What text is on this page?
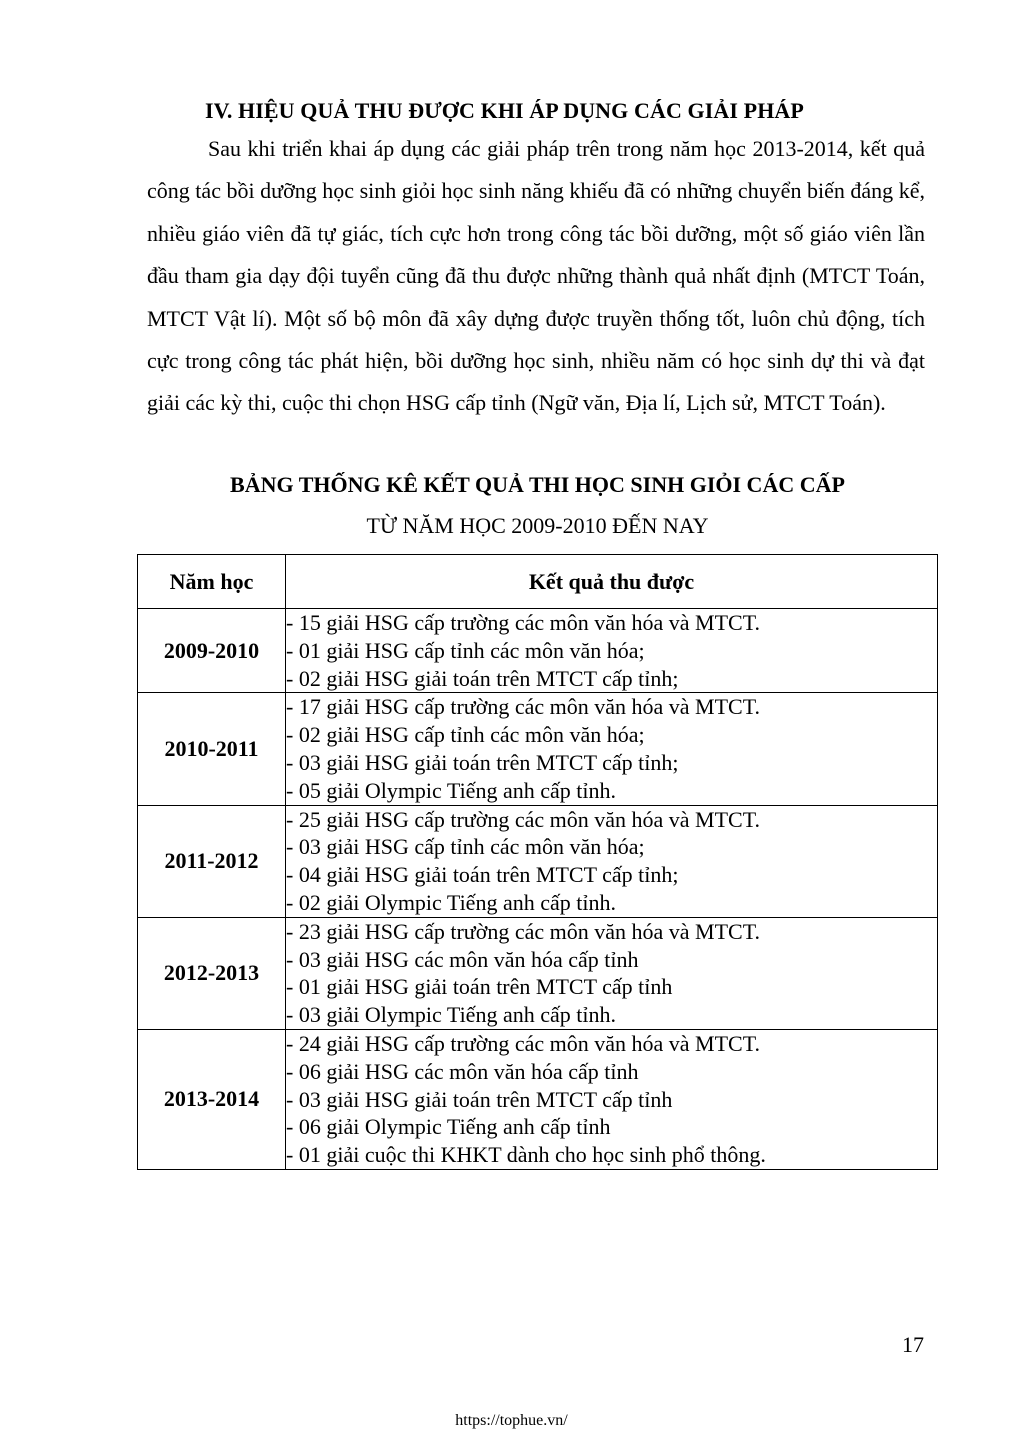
IV. HIỆU QUẢ THU ĐƯỢC KHI ÁP DỤNG CÁC GIẢI PHÁP

Sau khi triển khai áp dụng các giải pháp trên trong năm học 2013-2014, kết quả công tác bồi dưỡng học sinh giỏi học sinh năng khiếu đã có những chuyển biến đáng kể, nhiều giáo viên đã tự giác, tích cực hơn trong công tác bồi dưỡng, một số giáo viên lần đầu tham gia dạy đội tuyển cũng đã thu được những thành quả nhất định (MTCT Toán, MTCT Vật lí). Một số bộ môn đã xây dựng được truyền thống tốt, luôn chủ động, tích cực trong công tác phát hiện, bồi dưỡng học sinh, nhiều năm có học sinh dự thi và đạt giải các kỳ thi, cuộc thi chọn HSG cấp tỉnh (Ngữ văn, Địa lí, Lịch sử, MTCT Toán).

BẢNG THỐNG KÊ KẾT QUẢ THI HỌC SINH GIỎI CÁC CẤP
TỪ NĂM HỌC 2009-2010 ĐẾN NAY
Năm học	Kết quả thu được
2009-2010	- 15 giải HSG cấp trường các môn văn hóa và MTCT.
- 01 giải HSG cấp tỉnh các môn văn hóa;
- 02 giải HSG giải toán trên MTCT cấp tỉnh;

2010-2011	- 17 giải HSG cấp trường các môn văn hóa và MTCT.
- 02 giải HSG cấp tỉnh các môn văn hóa;
- 03 giải HSG giải toán trên MTCT cấp tỉnh;
- 05 giải Olympic Tiếng anh cấp tỉnh.

2011-2012	- 25 giải HSG cấp trường các môn văn hóa và MTCT.
- 03 giải HSG cấp tỉnh các môn văn hóa;
- 04 giải HSG giải toán trên MTCT cấp tỉnh;
- 02 giải Olympic Tiếng anh cấp tỉnh.

2012-2013	- 23 giải HSG cấp trường các môn văn hóa và MTCT.
- 03 giải HSG các môn văn hóa cấp tỉnh
- 01 giải HSG giải toán trên MTCT cấp tỉnh
- 03 giải Olympic Tiếng anh cấp tỉnh.

2013-2014	- 24 giải HSG cấp trường các môn văn hóa và MTCT.
- 06 giải HSG các môn văn hóa cấp tỉnh
- 03 giải HSG giải toán trên MTCT cấp tỉnh
- 06 giải Olympic Tiếng anh cấp tỉnh
- 01 giải cuộc thi KHKT dành cho học sinh phổ thông.
17
https://tophue.vn/
